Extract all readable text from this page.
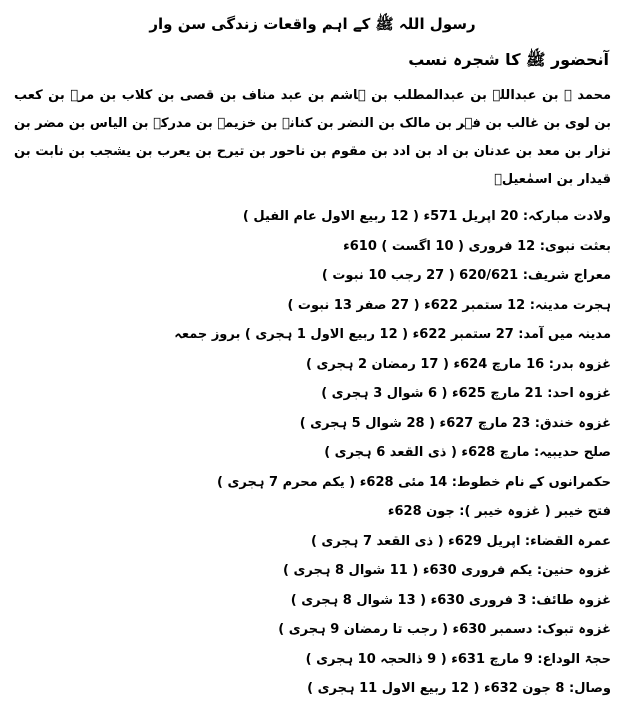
رسول اللہ ﷺ کے اہم واقعات زندگی سن وار
آنحضور ﷺ کا شجرہ نسب
محمد ﷺ بن عبداللہ بن عبدالمطلب بن ہاشم بن عبد مناف بن قصی بن کلاب بن مرہ بن کعب بن لوی بن غالب بن فہر بن مالک بن النضر بن کنانہ بن خزیمہ بن مدرکہ بن الیاس بن مضر بن نزار بن معد بن عدنان بن اد بن ادد بن مقوم بن ناحور بن تیرح بن یعرب بن یشجب بن نابت بن قیدار بن اسمٰعیلؑ
ولادت مبارکہ: 20 اپریل 571ء ( 12 ربیع الاول عام الفیل )
بعثت نبوی: 12 فروری ( 10 اگست ) 610ء
معراج شریف: 620/621 ( 27 رجب 10 نبوت )
ہجرت مدینہ: 12 ستمبر 622ء ( 27 صفر 13 نبوت )
مدینہ میں آمد: 27 ستمبر 622ء ( 12 ربیع الاول 1 ہجری ) بروز جمعہ
غزوہ بدر: 16 مارچ 624ء ( 17 رمضان 2 ہجری )
غزوہ احد: 21 مارچ 625ء ( 6 شوال 3 ہجری )
غزوہ خندق: 23 مارچ 627ء ( 28 شوال 5 ہجری )
صلح حدیبیہ: مارچ 628ء ( ذی القعد 6 ہجری )
حکمرانوں کے نام خطوط: 14 مئی 628ء ( یکم محرم 7 ہجری )
فتح خیبر ( غزوہ خیبر ): جون 628ء
عمرہ القضاء: اپریل 629ء ( ذی القعد 7 ہجری )
غزوہ حنین: یکم فروری 630ء ( 11 شوال 8 ہجری )
غزوہ طائف: 3 فروری 630ء ( 13 شوال 8 ہجری )
غزوہ تبوک: دسمبر 630ء ( رجب تا رمضان 9 ہجری )
حجۃ الوداع: 9 مارچ 631ء ( 9 ذالحجہ 10 ہجری )
وصال: 8 جون 632ء ( 12 ربیع الاول 11 ہجری )
